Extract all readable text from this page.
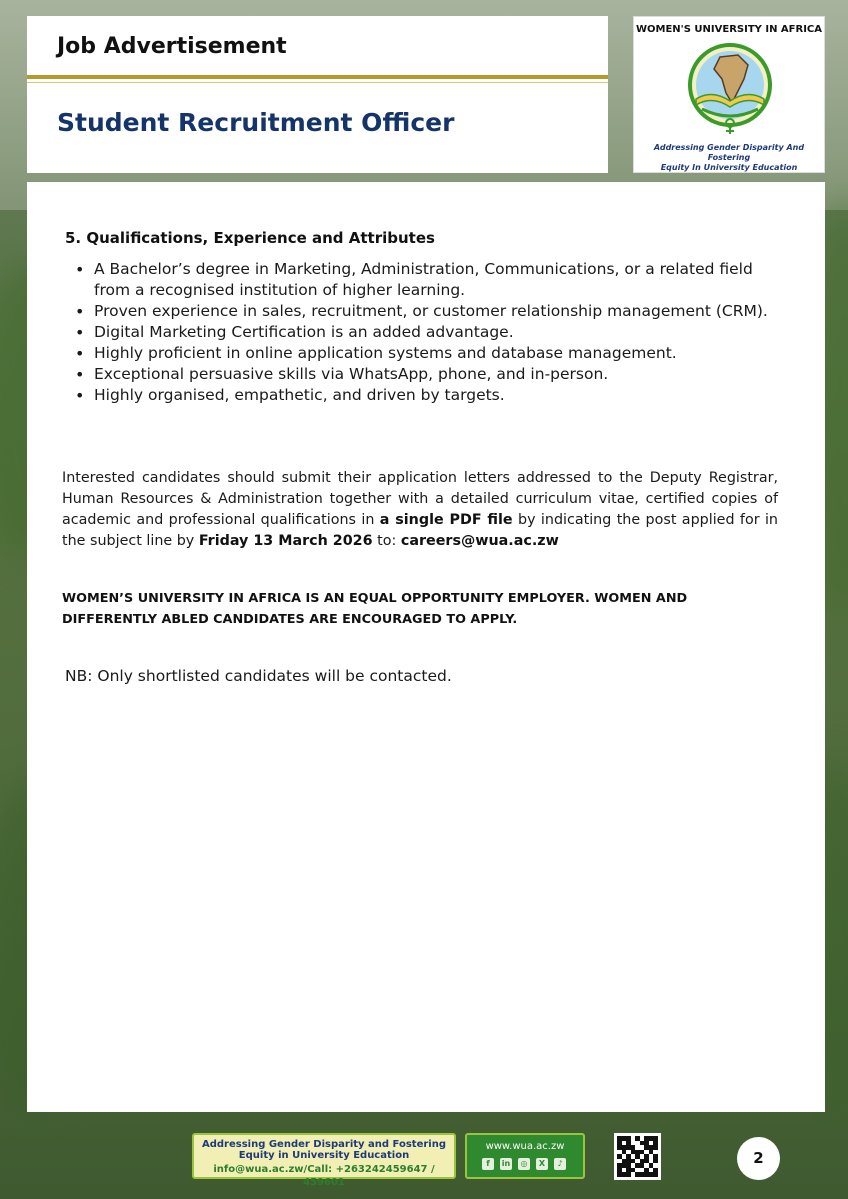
Job Advertisement
Student Recruitment Officer
WOMEN'S UNIVERSITY IN AFRICA
Addressing Gender Disparity And Fostering
Equity In University Education
5. Qualifications, Experience and Attributes
• A Bachelor’s degree in Marketing, Administration, Communications, or a related field from a recognised institution of higher learning.
• Proven experience in sales, recruitment, or customer relationship management (CRM).
• Digital Marketing Certification is an added advantage.
• Highly proficient in online application systems and database management.
• Exceptional persuasive skills via WhatsApp, phone, and in-person.
• Highly organised, empathetic, and driven by targets.

Interested candidates should submit their application letters addressed to the Deputy Registrar, Human Resources & Administration together with a detailed curriculum vitae, certified copies of academic and professional qualifications in a single PDF file by indicating the post applied for in the subject line by Friday 13 March 2026 to: careers@wua.ac.zw

WOMEN’S UNIVERSITY IN AFRICA IS AN EQUAL OPPORTUNITY EMPLOYER. WOMEN AND DIFFERENTLY ABLED CANDIDATES ARE ENCOURAGED TO APPLY.

NB: Only shortlisted candidates will be contacted.

Addressing Gender Disparity and Fostering
Equity in University Education
info@wua.ac.zw/Call: +263242459647 / 459601
www.wua.ac.zw
f	in	◎	X	♪	2
